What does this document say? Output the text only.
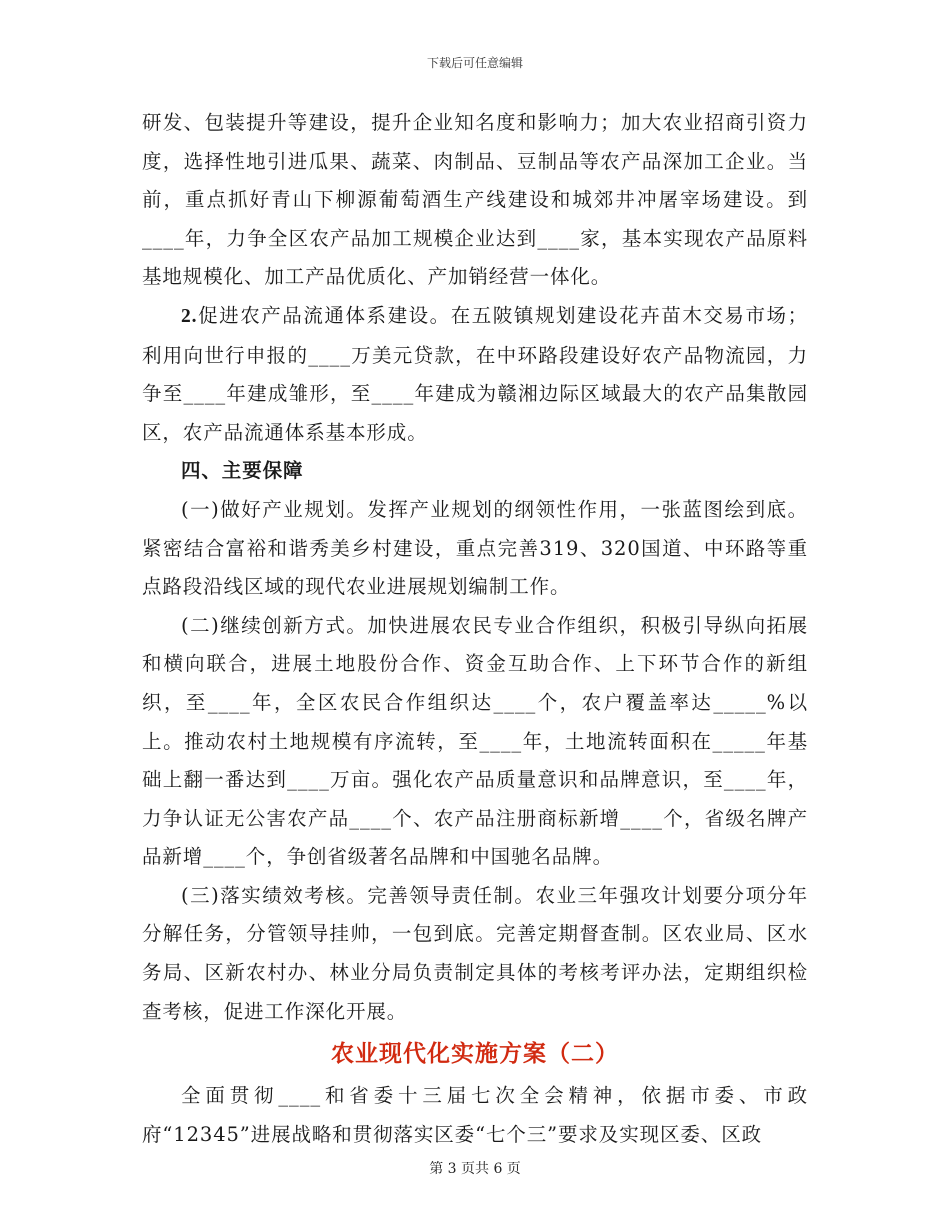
下载后可任意编辑

研发、包装提升等建设，提升企业知名度和影响力；加大农业招商引资力度，选择性地引进瓜果、蔬菜、肉制品、豆制品等农产品深加工企业。当前，重点抓好青山下柳源葡萄酒生产线建设和城郊井冲屠宰场建设。到____年，力争全区农产品加工规模企业达到____家，基本实现农产品原料基地规模化、加工产品优质化、产加销经营一体化。

2.促进农产品流通体系建设。在五陂镇规划建设花卉苗木交易市场；利用向世行申报的____万美元贷款，在中环路段建设好农产品物流园，力争至____年建成雏形，至____年建成为赣湘边际区域最大的农产品集散园区，农产品流通体系基本形成。

四、主要保障

(一)做好产业规划。发挥产业规划的纲领性作用，一张蓝图绘到底。紧密结合富裕和谐秀美乡村建设，重点完善319、320国道、中环路等重点路段沿线区域的现代农业进展规划编制工作。

(二)继续创新方式。加快进展农民专业合作组织，积极引导纵向拓展和横向联合，进展土地股份合作、资金互助合作、上下环节合作的新组织，至____年，全区农民合作组织达____个，农户覆盖率达_____%以上。推动农村土地规模有序流转，至____年，土地流转面积在_____年基础上翻一番达到____万亩。强化农产品质量意识和品牌意识，至____年，力争认证无公害农产品____个、农产品注册商标新增____个，省级名牌产品新增____个，争创省级著名品牌和中国驰名品牌。

(三)落实绩效考核。完善领导责任制。农业三年强攻计划要分项分年分解任务，分管领导挂帅，一包到底。完善定期督查制。区农业局、区水务局、区新农村办、林业分局负责制定具体的考核考评办法，定期组织检查考核，促进工作深化开展。

农业现代化实施方案（二）

全面贯彻____和省委十三届七次全会精神，依据市委、市政府“12345”进展战略和贯彻落实区委“七个三”要求及实现区委、区政

第 3 页共 6 页
